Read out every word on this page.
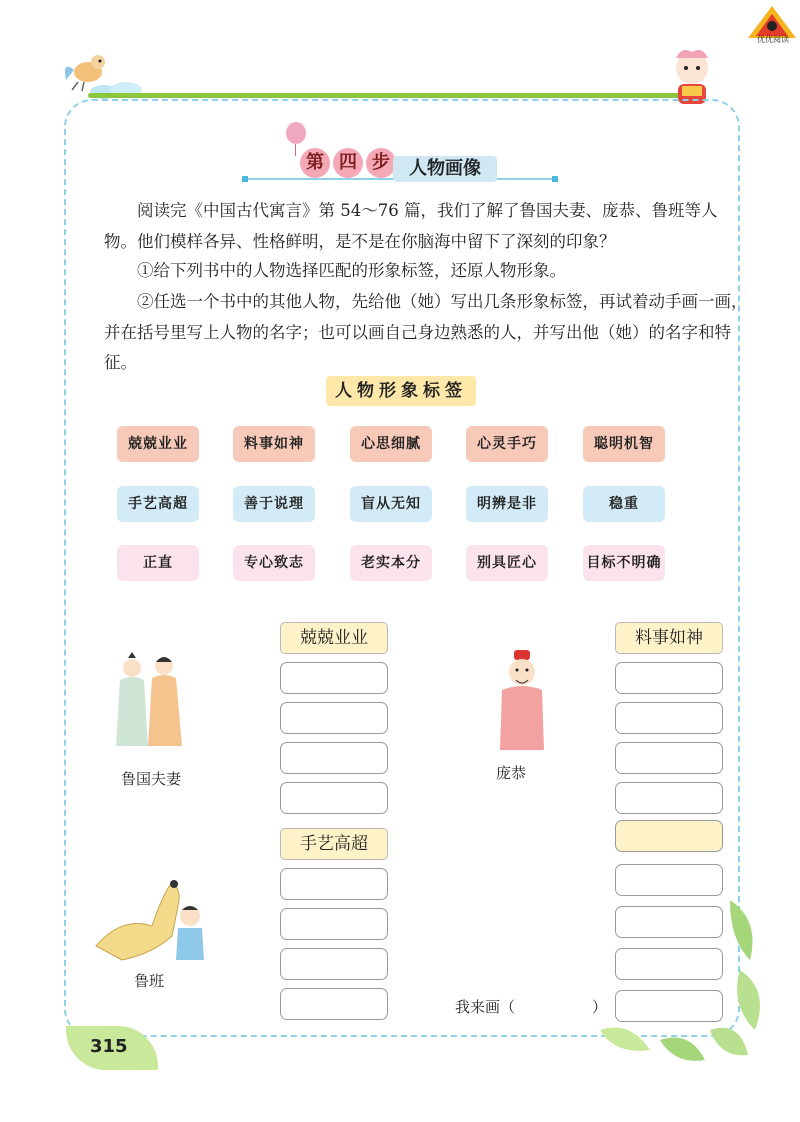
优优阅读
第 四 步	人物画像
阅读完《中国古代寓言》第 54～76 篇，我们了解了鲁国夫妻、庞恭、鲁班等人物。他们模样各异、性格鲜明，是不是在你脑海中留下了深刻的印象？
①给下列书中的人物选择匹配的形象标签，还原人物形象。
②任选一个书中的其他人物，先给他（她）写出几条形象标签，再试着动手画一画，并在括号里写上人物的名字；也可以画自己身边熟悉的人，并写出他（她）的名字和特征。
人物形象标签
兢兢业业	料事如神	心思细腻	心灵手巧	聪明机智
手艺高超	善于说理	盲从无知	明辨是非	稳重
正直	专心致志	老实本分	别具匠心	目标不明确
鲁国夫妻	庞恭
鲁班
兢兢业业
手艺高超
料事如神
我来画（	）
315
